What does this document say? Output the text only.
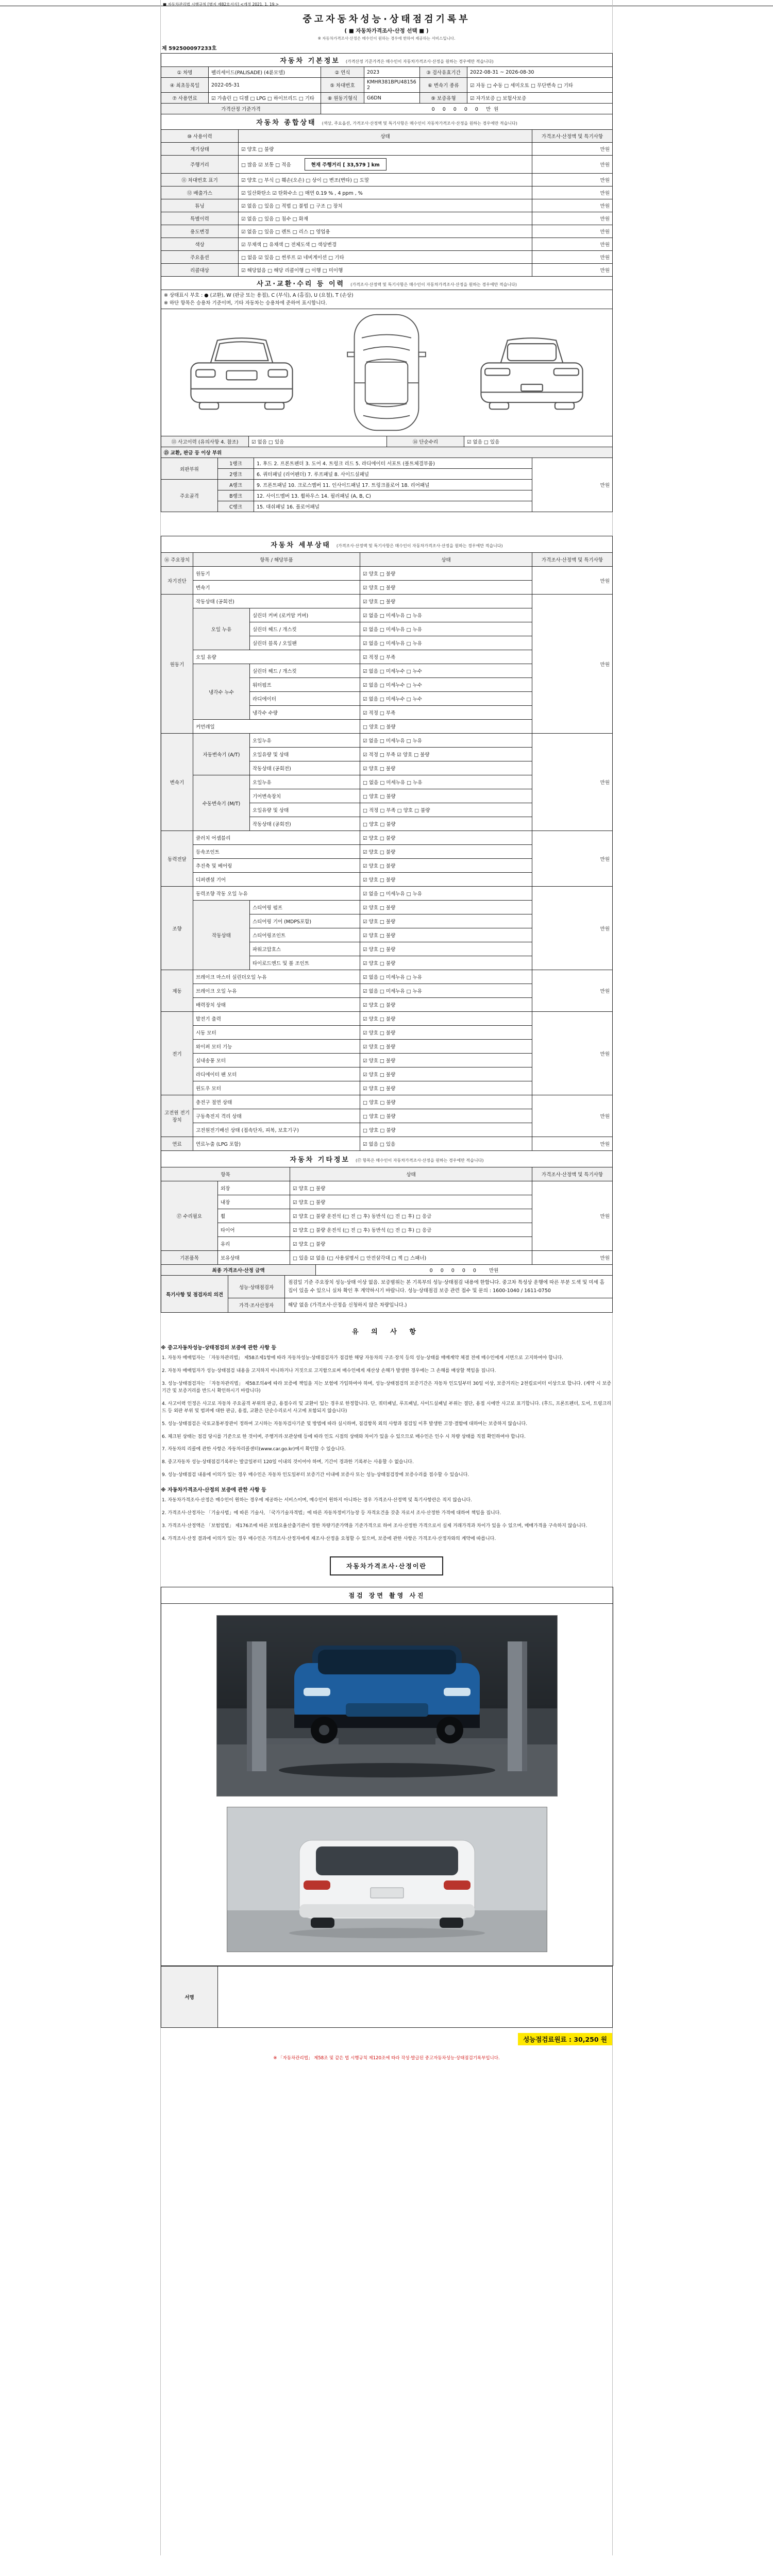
■ 자동차관리법 시행규칙 [별지 제82호서식] <개정 2021. 1. 19.>
중고자동차성능·상태점검기록부
( ■ 자동차가격조사·산정 선택 ■ )
※ 자동차가격조사·산정은 매수인이 원하는 경우에 한하여 제공하는 서비스입니다.
제 592500097233호
자동차 기본정보 (가격산정 기준가격은 매수인이 자동차가격조사·산정을 원하는 경우에만 적습니다)					
① 차명	펠리세이드(PALISADE) (4륜모델)	② 연식	2023	③ 검사유효기간	2022-08-31 ~ 2026-08-30
④ 최초등록일	2022-05-31	⑤ 차대번호	KMHR381BPU481562	⑥ 변속기 종류	☑ 자동 □ 수동 □ 세미오토 □ 무단변속 □ 기타
⑦ 사용연료	☑ 가솔린 □ 디젤 □ LPG □ 하이브리드 □ 기타	⑧ 원동기형식	G6DN	⑨ 보증유형	☑ 자가보증 □ 보험사보증
가격산정 기준가격		0 0 0 0 0 만원			
자동차 종합상태 (색상, 주요옵션, 가격조사·산정액 및 특기사항은 매수인이 자동차가격조사·산정을 원하는 경우에만 적습니다)		
⑩ 사용이력	상태	가격조사·산정액 및 특기사항
계기상태	☑ 양호 □ 불량	만원
주행거리	□ 많음 ☑ 보통 □ 적음 현재 주행거리 [ 33,579 ] km	만원
⑪ 차대번호 표기	☑ 양호 □ 부식 □ 훼손(오손) □ 상이 □ 변조(변타) □ 도말	만원
⑫ 배출가스	☑ 일산화탄소 ☑ 탄화수소 □ 매연 0.19 % , 4 ppm , %	만원
튜닝	☑ 없음 □ 있음 □ 적법 □ 불법 □ 구조 □ 장치	만원
특별이력	☑ 없음 □ 있음 □ 침수 □ 화재	만원
용도변경	☑ 없음 □ 있음 □ 렌트 □ 리스 □ 영업용	만원
색상	☑ 무채색 □ 유채색 □ 전체도색 □ 색상변경	만원
주요옵션	□ 없음 ☑ 있음 □ 썬루프 ☑ 네비게이션 □ 기타	만원
리콜대상	☑ 해당없음 □ 해당 리콜이행 □ 이행 □ 미이행	만원
사고·교환·수리 등 이력 (가격조사·산정액 및 특기사항은 매수인이 자동차가격조사·산정을 원하는 경우에만 적습니다)

※ 상태표시 부호 : ● (교환), W (판금 또는 용접), C (부식), A (흠집), U (요철), T (손상)
※ 하단 항목은 승용차 기준이며, 기타 자동차는 승용차에 준하여 표시합니다.

⑬ 사고이력 (유의사항 4. 참조)	☑ 없음 □ 있음	⑭ 단순수리	☑ 없음 □ 있음
⑮ 교환, 판금 등 이상 부위			
외판부위	1랭크	1. 후드 2. 프론트펜더 3. 도어 4. 트렁크 리드 5. 라디에이터 서포트 (볼트체결부품)	만원
	2랭크	6. 쿼터패널 (리어펜더) 7. 루프패널 8. 사이드실패널	
주요골격	A랭크	9. 프론트패널 10. 크로스멤버 11. 인사이드패널 17. 트렁크플로어 18. 리어패널	
	B랭크	12. 사이드멤버 13. 휠하우스 14. 필러패널 (A, B, C)	
	C랭크	15. 대쉬패널 16. 플로어패널	
자동차 세부상태 (가격조사·산정액 및 특기사항은 매수인이 자동차가격조사·산정을 원하는 경우에만 적습니다)				
⑯ 주요장치	항목 / 해당부품		상태	가격조사·산정액 및 특기사항
자기진단	원동기		☑ 양호 □ 불량	만원
	변속기		☑ 양호 □ 불량	
원동기	작동상태 (공회전)		☑ 양호 □ 불량	만원
	오일 누유	실린더 커버 (로커암 커버)	☑ 없음 □ 미세누유 □ 누유	
		실린더 헤드 / 개스킷	☑ 없음 □ 미세누유 □ 누유	
		실린더 블록 / 오일팬	☑ 없음 □ 미세누유 □ 누유	
	오일 유량		☑ 적정 □ 부족	
	냉각수 누수	실린더 헤드 / 개스킷	☑ 없음 □ 미세누수 □ 누수	
		워터펌프	☑ 없음 □ 미세누수 □ 누수	
		라디에이터	☑ 없음 □ 미세누수 □ 누수	
		냉각수 수량	☑ 적정 □ 부족	
	커먼레일		□ 양호 □ 불량	
변속기	자동변속기 (A/T)	오일누유	☑ 없음 □ 미세누유 □ 누유	만원
		오일유량 및 상태	☑ 적정 □ 부족 ☑ 양호 □ 불량	
		작동상태 (공회전)	☑ 양호 □ 불량	
	수동변속기 (M/T)	오일누유	□ 없음 □ 미세누유 □ 누유	
		기어변속장치	□ 양호 □ 불량	
		오일유량 및 상태	□ 적정 □ 부족 □ 양호 □ 불량	
		작동상태 (공회전)	□ 양호 □ 불량	
동력전달	클러치 어셈블리		☑ 양호 □ 불량	만원
	등속조인트		☑ 양호 □ 불량	
	추진축 및 베어링		☑ 양호 □ 불량	
	디퍼렌셜 기어		☑ 양호 □ 불량	
조향	동력조향 작동 오일 누유		☑ 없음 □ 미세누유 □ 누유	만원
	작동상태	스티어링 펌프	☑ 양호 □ 불량	
		스티어링 기어 (MDPS포함)	☑ 양호 □ 불량	
		스티어링조인트	☑ 양호 □ 불량	
		파워고압호스	☑ 양호 □ 불량	
		타이로드엔드 및 볼 조인트	☑ 양호 □ 불량	
제동	브레이크 마스터 실린더오일 누유		☑ 없음 □ 미세누유 □ 누유	만원
	브레이크 오일 누유		☑ 없음 □ 미세누유 □ 누유	
	배력장치 상태		☑ 양호 □ 불량	
전기	발전기 출력		☑ 양호 □ 불량	만원
	시동 모터		☑ 양호 □ 불량	
	와이퍼 모터 기능		☑ 양호 □ 불량	
	실내송풍 모터		☑ 양호 □ 불량	
	라디에이터 팬 모터		☑ 양호 □ 불량	
	윈도우 모터		☑ 양호 □ 불량	
고전원 전기장치	충전구 절연 상태		□ 양호 □ 불량	만원
	구동축전지 격리 상태		□ 양호 □ 불량	
	고전원전기배선 상태 (접속단자, 피복, 보호기구)		□ 양호 □ 불량	
연료	연료누출 (LPG 포함)		☑ 없음 □ 있음	만원
자동차 기타정보 (⑰ 항목은 매수인이 자동차가격조사·산정을 원하는 경우에만 적습니다)			
항목		상태	가격조사·산정액 및 특기사항
⑰ 수리필요	외장	☑ 양호 □ 불량	만원
	내장	☑ 양호 □ 불량	
	휠	☑ 양호 □ 불량 운전석 (□ 전 □ 후) 동반석 (□ 전 □ 후) □ 응급	
	타이어	☑ 양호 □ 불량 운전석 (□ 전 □ 후) 동반석 (□ 전 □ 후) □ 응급	
	유리	☑ 양호 □ 불량	
기본품목	보유상태	□ 있음 ☑ 없음 (□ 사용설명서 □ 안전삼각대 □ 잭 □ 스패너)	만원
최종 가격조사·산정 금액	0 0 0 0 0 만원
특기사항 및 점검자의 의견	성능·상태점검자	점검일 기준 주요장치 성능·상태 이상 없음. 보증범위는 본 기록부의 성능·상태점검 내용에 한합니다. 중고차 특성상 운행에 따른 부분 도색 및 미세 흠집이 있을 수 있으니 실차 확인 후 계약하시기 바랍니다. 성능·상태점검 보증 관련 접수 및 문의 : 1600-1040 / 1611-0750
	가격·조사산정자	해당 없음 (가격조사·산정을 신청하지 않은 차량입니다.)
유 의 사 항
※ 중고자동차성능·상태점검의 보증에 관한 사항 등
1. 자동차 매매업자는 「자동차관리법」 제58조제1항에 따라 자동차성능·상태점검자가 점검한 해당 자동차의 구조·장치 등의 성능·상태를 매매계약 체결 전에 매수인에게 서면으로 고지하여야 합니다.
2. 자동차 매매업자가 성능·상태점검 내용을 고지하지 아니하거나 거짓으로 고지함으로써 매수인에게 재산상 손해가 발생한 경우에는 그 손해를 배상할 책임을 집니다.
3. 성능·상태점검자는 「자동차관리법」 제58조의4에 따라 보증에 책임을 지는 보험에 가입하여야 하며, 성능·상태점검의 보증기간은 자동차 인도일부터 30일 이상, 보증거리는 2천킬로미터 이상으로 합니다. (계약 시 보증기간 및 보증거리를 반드시 확인하시기 바랍니다)
4. 사고이력 인정은 사고로 자동차 주요골격 부위의 판금, 용접수리 및 교환이 있는 경우로 한정합니다. 단, 쿼터패널, 루프패널, 사이드실패널 부위는 절단, 용접 시에만 사고로 표기합니다. (후드, 프론트펜더, 도어, 트렁크리드 등 외판 부위 및 범퍼에 대한 판금, 용접, 교환은 단순수리로서 사고에 포함되지 않습니다)
5. 성능·상태점검은 국토교통부장관이 정하여 고시하는 자동차검사기준 및 방법에 따라 실시하며, 점검항목 외의 사항과 점검일 이후 발생한 고장·결함에 대하여는 보증하지 않습니다.
6. 체크된 상태는 점검 당시를 기준으로 한 것이며, 주행거리·보관상태 등에 따라 인도 시점의 상태와 차이가 있을 수 있으므로 매수인은 인수 시 차량 상태를 직접 확인하여야 합니다.
7. 자동차의 리콜에 관한 사항은 자동차리콜센터(www.car.go.kr)에서 확인할 수 있습니다.
8. 중고자동차 성능·상태점검기록부는 발급일부터 120일 이내의 것이어야 하며, 기간이 경과한 기록부는 사용할 수 없습니다.
9. 성능·상태점검 내용에 이의가 있는 경우 매수인은 자동차 인도일부터 보증기간 이내에 보증사 또는 성능·상태점검장에 보증수리를 접수할 수 있습니다.
※ 자동차가격조사·산정의 보증에 관한 사항 등
1. 자동차가격조사·산정은 매수인이 원하는 경우에 제공하는 서비스이며, 매수인이 원하지 아니하는 경우 가격조사·산정액 및 특기사항란은 적지 않습니다.
2. 가격조사·산정자는 「기술사법」에 따른 기술사, 「국가기술자격법」에 따른 자동차정비기능장 등 자격요건을 갖춘 자로서 조사·산정한 가격에 대하여 책임을 집니다.
3. 가격조사·산정액은 「보험업법」 제176조에 따른 보험요율산출기관이 정한 차량기준가액을 기준가격으로 하여 조사·산정한 가격으로서 실제 거래가격과 차이가 있을 수 있으며, 매매가격을 구속하지 않습니다.
4. 가격조사·산정 결과에 이의가 있는 경우 매수인은 가격조사·산정자에게 재조사·산정을 요청할 수 있으며, 보증에 관한 사항은 가격조사·산정자와의 계약에 따릅니다.
자동차가격조사·산정이란
점검 장면 촬영 사진
서명	
성능점검료원료 : 30,250 원
※ 「자동차관리법」 제58조 및 같은 법 시행규칙 제120조에 따라 작성·발급된 중고자동차성능·상태점검기록부입니다.
